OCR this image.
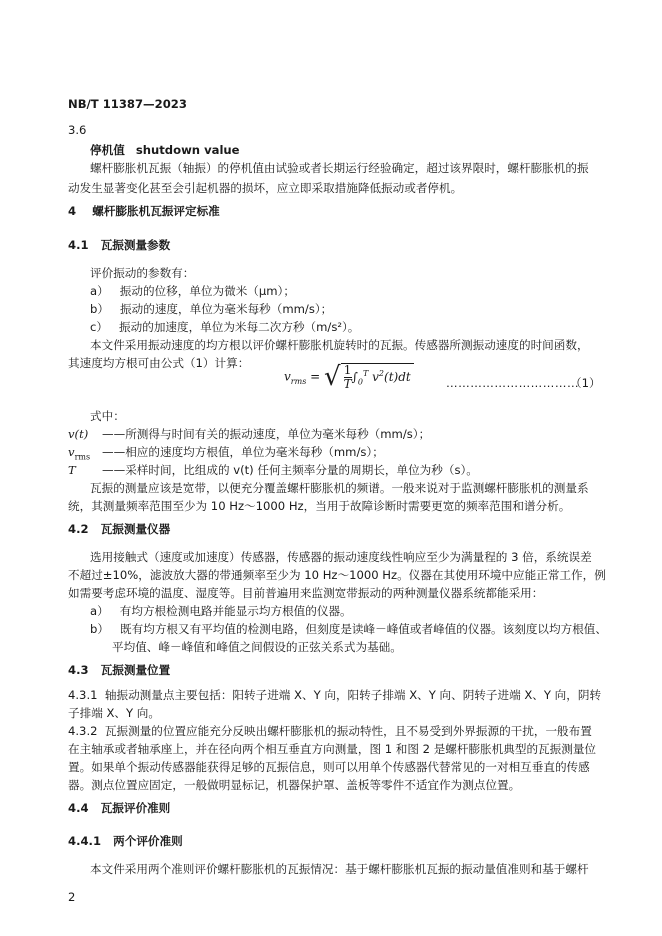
NB/T 11387—2023
3.6
停机值 shutdown value
螺杆膨胀机瓦振（轴振）的停机值由试验或者长期运行经验确定，超过该界限时，螺杆膨胀机的振
动发生显著变化甚至会引起机器的损坏，应立即采取措施降低振动或者停机。
4 螺杆膨胀机瓦振评定标准
4.1 瓦振测量参数
评价振动的参数有：
a） 振动的位移，单位为微米（μm）；
b） 振动的速度，单位为毫米每秒（mm/s）；
c） 振动的加速度，单位为米每二次方秒（m/s²）。
本文件采用振动速度的均方根以评价螺杆膨胀机旋转时的瓦振。传感器所测振动速度的时间函数，
其速度均方根可由公式（1）计算：
$v_{rms}$ = √ $\frac{1}{T} \int_0^T$ $v^2(t)dt$	……………………………
（1）
式中：
v(t) ——所测得与时间有关的振动速度，单位为毫米每秒（mm/s）；
$v_{rms}$ ——相应的速度均方根值，单位为毫米每秒（mm/s）；
T ——采样时间，比组成的 v(t) 任何主频率分量的周期长，单位为秒（s）。
瓦振的测量应该是宽带，以便充分覆盖螺杆膨胀机的频谱。一般来说对于监测螺杆膨胀机的测量系
统，其测量频率范围至少为 10 Hz～1000 Hz，当用于故障诊断时需要更宽的频率范围和谱分析。
4.2 瓦振测量仪器
选用接触式（速度或加速度）传感器，传感器的振动速度线性响应至少为满量程的 3 倍，系统误差
不超过±10%，滤波放大器的带通频率至少为 10 Hz～1000 Hz。仪器在其使用环境中应能正常工作，例
如需要考虑环境的温度、湿度等。目前普遍用来监测宽带振动的两种测量仪器系统都能采用：
a） 有均方根检测电路并能显示均方根值的仪器。
b） 既有均方根又有平均值的检测电路，但刻度是读峰－峰值或者峰值的仪器。该刻度以均方根值、
平均值、峰－峰值和峰值之间假设的正弦关系式为基础。
4.3 瓦振测量位置
4.3.1 轴振动测量点主要包括：阳转子进端 X、Y 向，阳转子排端 X、Y 向、阴转子进端 X、Y 向，阴转
子排端 X、Y 向。
4.3.2 瓦振测量的位置应能充分反映出螺杆膨胀机的振动特性，且不易受到外界振源的干扰，一般布置
在主轴承或者轴承座上，并在径向两个相互垂直方向测量，图 1 和图 2 是螺杆膨胀机典型的瓦振测量位
置。如果单个振动传感器能获得足够的瓦振信息，则可以用单个传感器代替常见的一对相互垂直的传感
器。测点位置应固定，一般做明显标记，机器保护罩、盖板等零件不适宜作为测点位置。
4.4 瓦振评价准则
4.4.1 两个评价准则
本文件采用两个准则评价螺杆膨胀机的瓦振情况：基于螺杆膨胀机瓦振的振动量值准则和基于螺杆
2
